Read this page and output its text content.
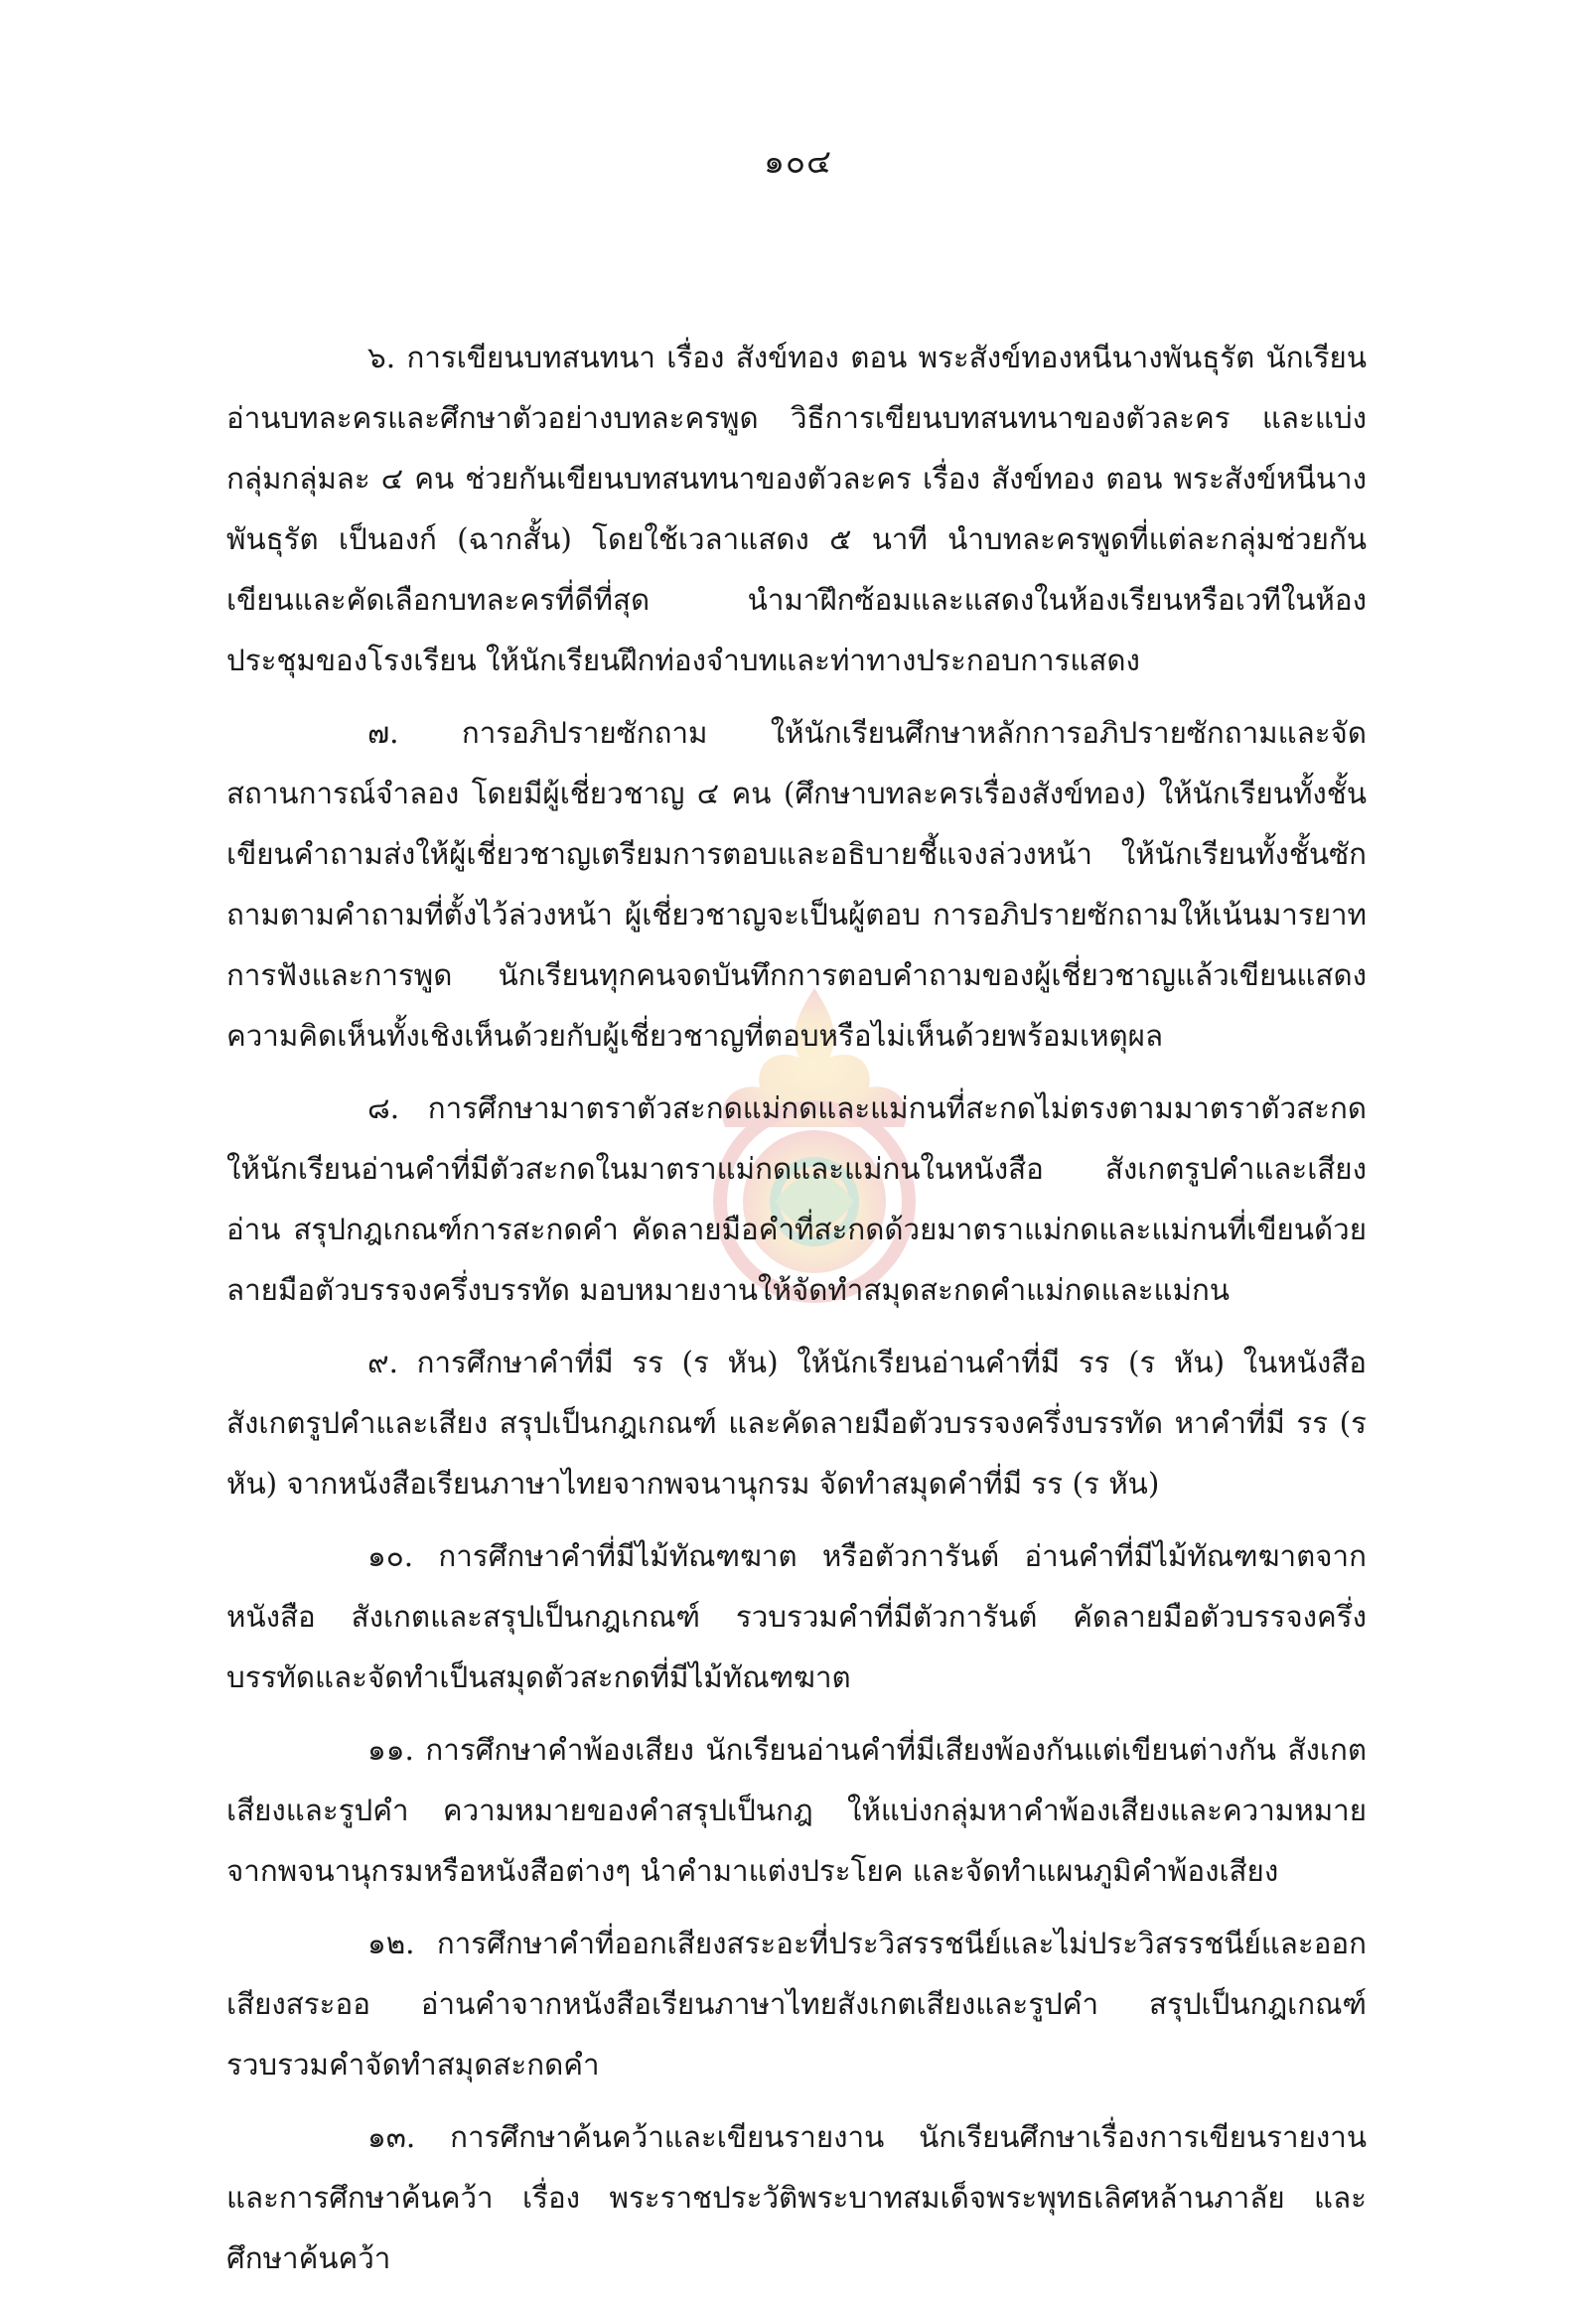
๑๐๔

๖. การเขียนบทสนทนา เรื่อง สังข์ทอง ตอน พระสังข์ทองหนีนางพันธุรัต นักเรียนอ่านบทละครและศึกษาตัวอย่างบทละครพูด วิธีการเขียนบทสนทนาของตัวละคร และแบ่งกลุ่มกลุ่มละ ๔ คน ช่วยกันเขียนบทสนทนาของตัวละคร เรื่อง สังข์ทอง ตอน พระสังข์หนีนางพันธุรัต เป็นองก์ (ฉากสั้น) โดยใช้เวลาแสดง ๕ นาที นำบทละครพูดที่แต่ละกลุ่มช่วยกันเขียนและคัดเลือกบทละครที่ดีที่สุด นำมาฝึกซ้อมและแสดงในห้องเรียนหรือเวทีในห้องประชุมของโรงเรียน ให้นักเรียนฝึกท่องจำบทและท่าทางประกอบการแสดง

๗. การอภิปรายซักถาม ให้นักเรียนศึกษาหลักการอภิปรายซักถามและจัดสถานการณ์จำลอง โดยมีผู้เชี่ยวชาญ ๔ คน (ศึกษาบทละครเรื่องสังข์ทอง) ให้นักเรียนทั้งชั้นเขียนคำถามส่งให้ผู้เชี่ยวชาญเตรียมการตอบและอธิบายชี้แจงล่วงหน้า ให้นักเรียนทั้งชั้นซักถามตามคำถามที่ตั้งไว้ล่วงหน้า ผู้เชี่ยวชาญจะเป็นผู้ตอบ การอภิปรายซักถามให้เน้นมารยาทการฟังและการพูด นักเรียนทุกคนจดบันทึกการตอบคำถามของผู้เชี่ยวชาญแล้วเขียนแสดงความคิดเห็นทั้งเชิงเห็นด้วยกับผู้เชี่ยวชาญที่ตอบหรือไม่เห็นด้วยพร้อมเหตุผล

๘. การศึกษามาตราตัวสะกดแม่กดและแม่กนที่สะกดไม่ตรงตามมาตราตัวสะกด ให้นักเรียนอ่านคำที่มีตัวสะกดในมาตราแม่กดและแม่กนในหนังสือ สังเกตรูปคำและเสียงอ่าน สรุปกฎเกณฑ์การสะกดคำ คัดลายมือคำที่สะกดด้วยมาตราแม่กดและแม่กนที่เขียนด้วยลายมือตัวบรรจงครึ่งบรรทัด มอบหมายงานให้จัดทำสมุดสะกดคำแม่กดและแม่กน

๙. การศึกษาคำที่มี รร (ร หัน) ให้นักเรียนอ่านคำที่มี รร (ร หัน) ในหนังสือ สังเกตรูปคำและเสียง สรุปเป็นกฎเกณฑ์ และคัดลายมือตัวบรรจงครึ่งบรรทัด หาคำที่มี รร (ร หัน) จากหนังสือเรียนภาษาไทยจากพจนานุกรม จัดทำสมุดคำที่มี รร (ร หัน)

๑๐. การศึกษาคำที่มีไม้ทัณฑฆาต หรือตัวการันต์ อ่านคำที่มีไม้ทัณฑฆาตจากหนังสือ สังเกตและสรุปเป็นกฎเกณฑ์ รวบรวมคำที่มีตัวการันต์ คัดลายมือตัวบรรจงครึ่งบรรทัดและจัดทำเป็นสมุดตัวสะกดที่มีไม้ทัณฑฆาต

๑๑. การศึกษาคำพ้องเสียง นักเรียนอ่านคำที่มีเสียงพ้องกันแต่เขียนต่างกัน สังเกตเสียงและรูปคำ ความหมายของคำสรุปเป็นกฎ ให้แบ่งกลุ่มหาคำพ้องเสียงและความหมายจากพจนานุกรมหรือหนังสือต่างๆ นำคำมาแต่งประโยค และจัดทำแผนภูมิคำพ้องเสียง

๑๒. การศึกษาคำที่ออกเสียงสระอะที่ประวิสรรชนีย์และไม่ประวิสรรชนีย์และออกเสียงสระออ อ่านคำจากหนังสือเรียนภาษาไทยสังเกตเสียงและรูปคำ สรุปเป็นกฎเกณฑ์ รวบรวมคำจัดทำสมุดสะกดคำ

๑๓. การศึกษาค้นคว้าและเขียนรายงาน นักเรียนศึกษาเรื่องการเขียนรายงานและการศึกษาค้นคว้า เรื่อง พระราชประวัติพระบาทสมเด็จพระพุทธเลิศหล้านภาลัย และศึกษาค้นคว้า
